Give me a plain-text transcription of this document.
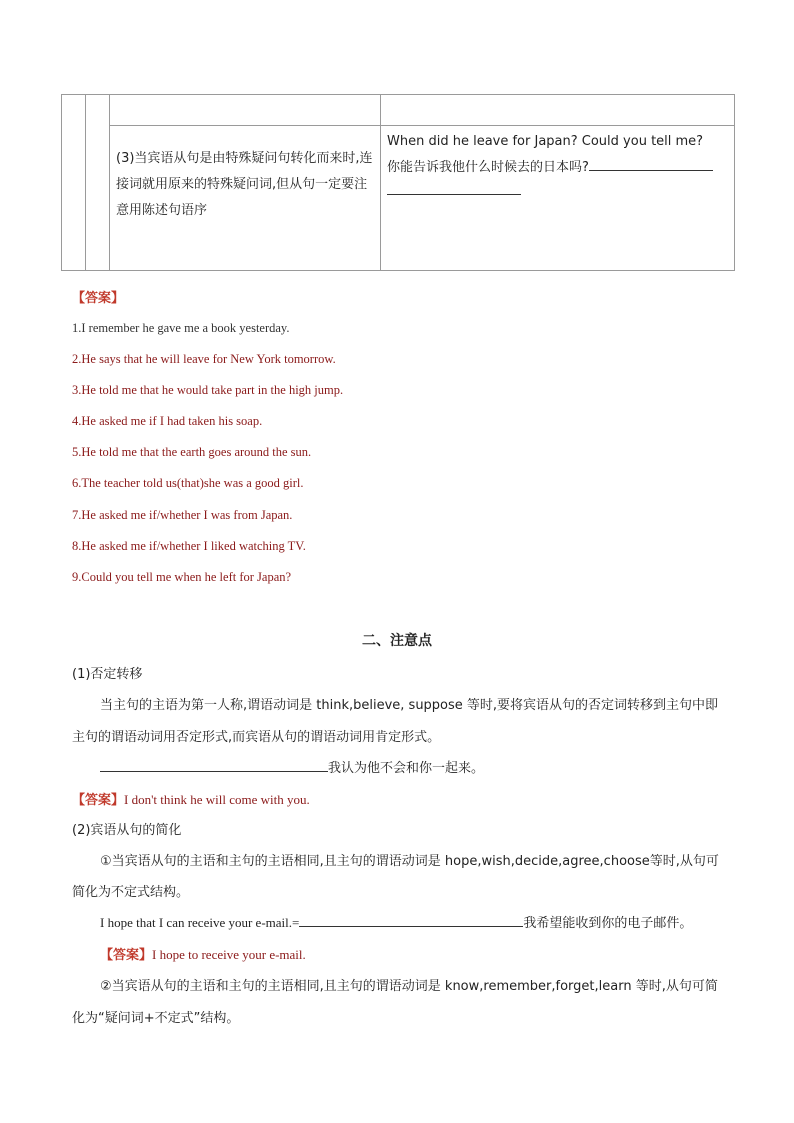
		(3)当宾语从句是由特殊疑问句转化而来时,连接词就用原来的特殊疑问词,但从句一定要注意用陈述句语序	When did he leave for Japan? Could you tell me?
你能告诉我他什么时候去的日本吗?

【答案】
1.I remember he gave me a book yesterday.
2.He says that he will leave for New York tomorrow.
3.He told me that he would take part in the high jump.
4.He asked me if I had taken his soap.
5.He told me that the earth goes around the sun.
6.The teacher told us(that)she was a good girl.
7.He asked me if/whether I was from Japan.
8.He asked me if/whether I liked watching TV.
9.Could you tell me when he left for Japan?
二、注意点
(1)否定转移
当主句的主语为第一人称,谓语动词是 think,believe, suppose 等时,要将宾语从句的否定词转移到主句中即
主句的谓语动词用否定形式,而宾语从句的谓语动词用肯定形式。
我认为他不会和你一起来。
【答案】I don't think he will come with you.
(2)宾语从句的简化
①当宾语从句的主语和主句的主语相同,且主句的谓语动词是 hope,wish,decide,agree,choose等时,从句可
简化为不定式结构。
I hope that I can receive your e-mail.=	我希望能收到你的电子邮件。
【答案】I hope to receive your e-mail.
②当宾语从句的主语和主句的主语相同,且主句的谓语动词是 know,remember,forget,learn 等时,从句可简
化为“疑问词+不定式”结构。
